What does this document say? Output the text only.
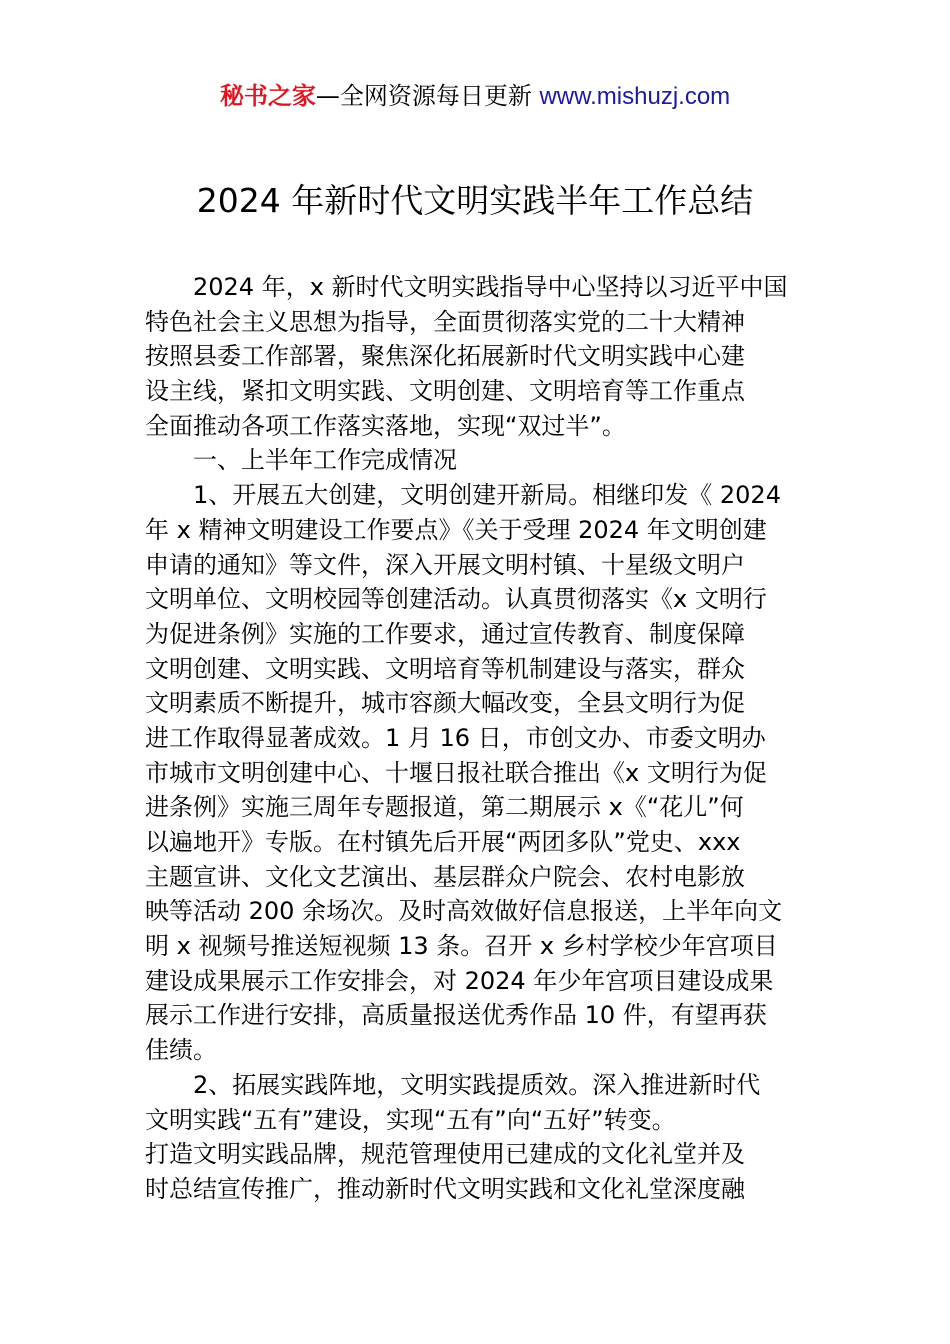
秘书之家—全网资源每日更新 www.mishuzj.com
2024 年新时代文明实践半年工作总结
　　2024 年，x 新时代文明实践指导中心坚持以习近平中国
特色社会主义思想为指导，全面贯彻落实党的二十大精神
按照县委工作部署，聚焦深化拓展新时代文明实践中心建
设主线，紧扣文明实践、文明创建、文明培育等工作重点
全面推动各项工作落实落地，实现“双过半”。
　　一、上半年工作完成情况
　　1、开展五大创建，文明创建开新局。相继印发《 2024
年 x 精神文明建设工作要点》《关于受理 2024 年文明创建
申请的通知》等文件，深入开展文明村镇、十星级文明户
文明单位、文明校园等创建活动。认真贯彻落实《x 文明行
为促进条例》实施的工作要求，通过宣传教育、制度保障
文明创建、文明实践、文明培育等机制建设与落实，群众
文明素质不断提升，城市容颜大幅改变，全县文明行为促
进工作取得显著成效。1 月 16 日，市创文办、市委文明办
市城市文明创建中心、十堰日报社联合推出《x 文明行为促
进条例》实施三周年专题报道，第二期展示 x《“花儿”何
以遍地开》专版。在村镇先后开展“两团多队”党史、xxx
主题宣讲、文化文艺演出、基层群众户院会、农村电影放
映等活动 200 余场次。及时高效做好信息报送，上半年向文
明 x 视频号推送短视频 13 条。召开 x 乡村学校少年宫项目
建设成果展示工作安排会，对 2024 年少年宫项目建设成果
展示工作进行安排，高质量报送优秀作品 10 件，有望再获
佳绩。
　　2、拓展实践阵地，文明实践提质效。深入推进新时代
文明实践“五有”建设，实现“五有”向“五好”转变。
打造文明实践品牌，规范管理使用已建成的文化礼堂并及
时总结宣传推广，推动新时代文明实践和文化礼堂深度融
